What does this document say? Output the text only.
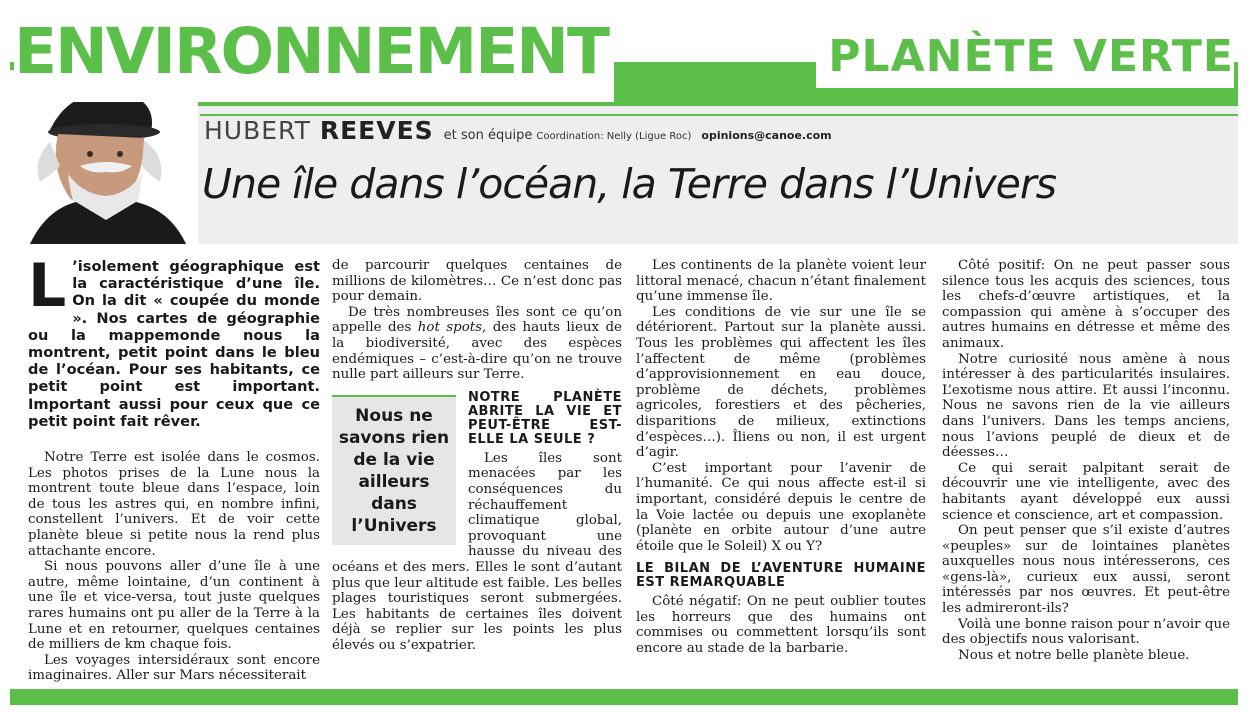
ENVIRONNEMENT	PLANÈTE VERTE
HUBERT REEVES et son équipe Coordination: Nelly (Ligue Roc) opinions@canoe.com
Une île dans l’océan, la Terre dans l’Univers

L ’isolement géographique est la caractéristique d’une île. On la dit « coupée du monde ». Nos cartes de géographie ou la mappemonde nous la montrent, petit point dans le bleu de l’océan. Pour ses habitants, ce petit point est important. Important aussi pour ceux que ce petit point fait rêver.

Notre Terre est isolée dans le cosmos. Les photos prises de la Lune nous la montrent toute bleue dans l’espace, loin de tous les astres qui, en nombre infini, constellent l’univers. Et de voir cette planète bleue si petite nous la rend plus attachante encore.

Si nous pouvons aller d’une île à une autre, même lointaine, d’un continent à une île et vice-versa, tout juste quelques rares humains ont pu aller de la Terre à la Lune et en retourner, quelques centaines de milliers de km chaque fois.

Les voyages intersidéraux sont encore imaginaires. Aller sur Mars nécessiterait

de parcourir quelques centaines de millions de kilomètres… Ce n’est donc pas pour demain.

De très nombreuses îles sont ce qu’on appelle des hot spots, des hauts lieux de la biodiversité, avec des espèces endémiques – c’est-à-dire qu’on ne trouve nulle part ailleurs sur Terre.

Nous ne savons rien de la vie ailleurs dans l’Univers

NOTRE PLANÈTE ABRITE LA VIE ET PEUT-ÊTRE EST-ELLE LA SEULE ?

Les îles sont menacées par les conséquences du réchauffement climatique global, provoquant une hausse du niveau des océans et des mers. Elles le sont d’autant plus que leur altitude est faible. Les belles plages touristiques seront submergées. Les habitants de certaines îles doivent déjà se replier sur les points les plus élevés ou s’expatrier.

Les continents de la planète voient leur littoral menacé, chacun n’étant finalement qu’une immense île.

Les conditions de vie sur une île se détériorent. Partout sur la planète aussi. Tous les problèmes qui affectent les îles l’affectent de même (problèmes d’approvisionnement en eau douce, problème de déchets, problèmes agricoles, forestiers et des pêcheries, disparitions de milieux, extinctions d’espèces…). Îliens ou non, il est urgent d’agir.

C’est important pour l’avenir de l’humanité. Ce qui nous affecte est-il si important, considéré depuis le centre de la Voie lactée ou depuis une exoplanète (planète en orbite autour d’une autre étoile que le Soleil) X ou Y?

LE BILAN DE L’AVENTURE HUMAINE EST REMARQUABLE

Côté négatif: On ne peut oublier toutes les horreurs que des humains ont commises ou commettent lorsqu’ils sont encore au stade de la barbarie.

Côté positif: On ne peut passer sous silence tous les acquis des sciences, tous les chefs-d’œuvre artistiques, et la compassion qui amène à s’occuper des autres humains en détresse et même des animaux.

Notre curiosité nous amène à nous intéresser à des particularités insulaires. L’exotisme nous attire. Et aussi l’inconnu. Nous ne savons rien de la vie ailleurs dans l’univers. Dans les temps anciens, nous l’avions peuplé de dieux et de déesses…

Ce qui serait palpitant serait de découvrir une vie intelligente, avec des habitants ayant développé eux aussi science et conscience, art et compassion.

On peut penser que s’il existe d’autres «peuples» sur de lointaines planètes auxquelles nous nous intéresserons, ces «gens-là», curieux eux aussi, seront intéressés par nos œuvres. Et peut-être les admireront-ils?

Voilà une bonne raison pour n’avoir que des objectifs nous valorisant.

Nous et notre belle planète bleue.
